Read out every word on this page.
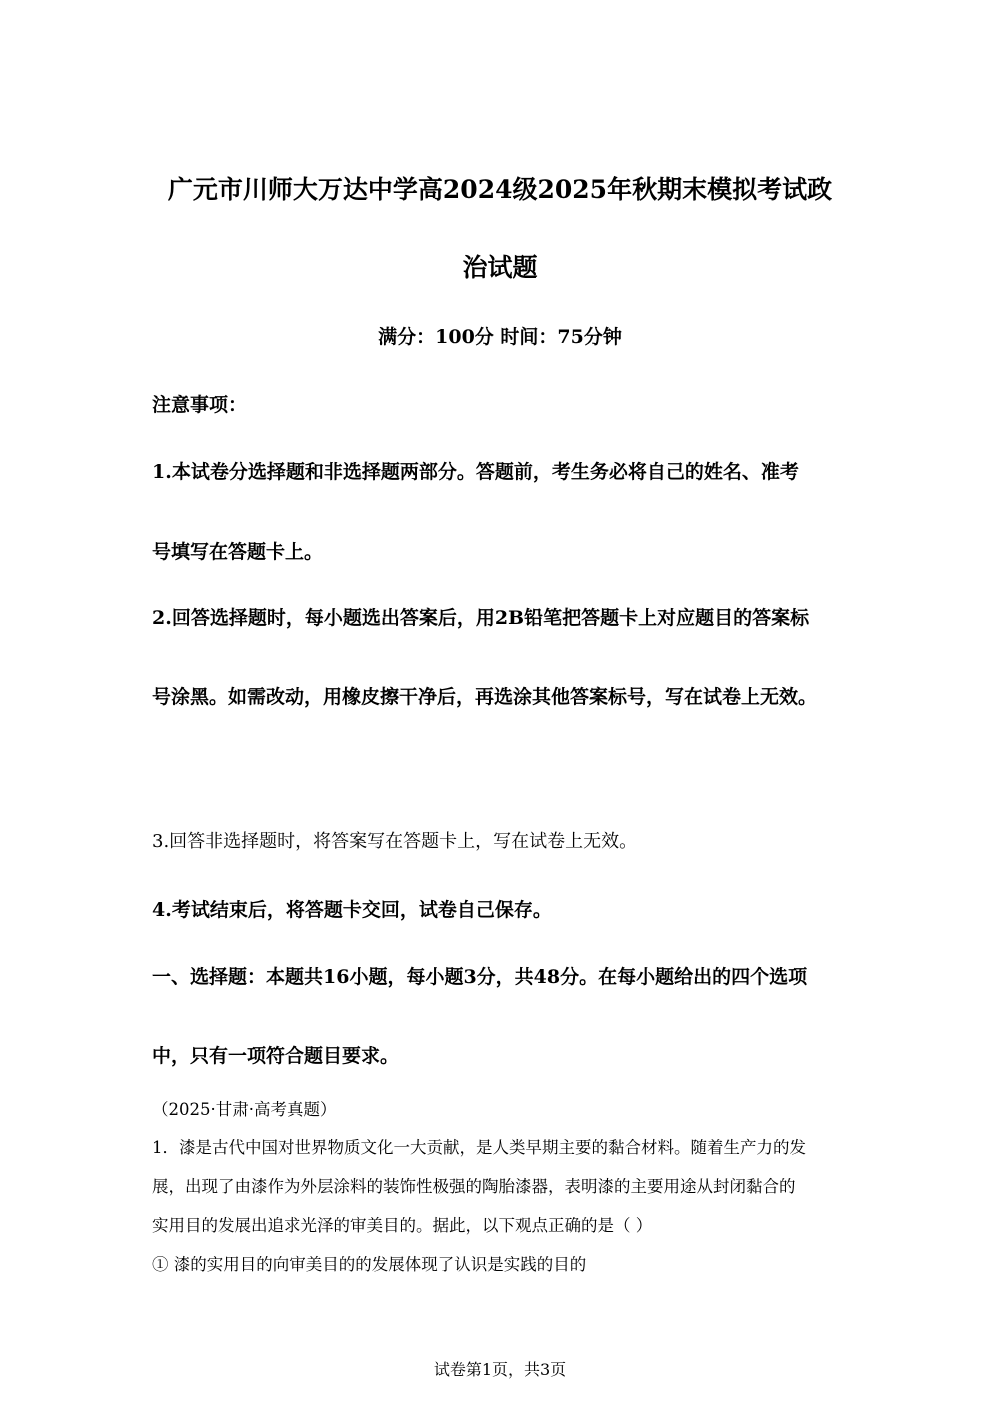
广元市川师大万达中学高2024级2025年秋期末模拟考试政
治试题
满分：100分 时间：75分钟
注意事项：
1.本试卷分选择题和非选择题两部分。答题前，考生务必将自己的姓名、准考
号填写在答题卡上。
2.回答选择题时，每小题选出答案后，用2B铅笔把答题卡上对应题目的答案标
号涂黑。如需改动，用橡皮擦干净后，再选涂其他答案标号，写在试卷上无效。
3.回答非选择题时，将答案写在答题卡上，写在试卷上无效。
4.考试结束后，将答题卡交回，试卷自己保存。
一、选择题：本题共16小题，每小题3分，共48分。在每小题给出的四个选项
中，只有一项符合题目要求。
（2025·甘肃·高考真题）
1．漆是古代中国对世界物质文化一大贡献，是人类早期主要的黏合材料。随着生产力的发
展，出现了由漆作为外层涂料的装饰性极强的陶胎漆器，表明漆的主要用途从封闭黏合的
实用目的发展出追求光泽的审美目的。据此，以下观点正确的是（ ）
① 漆的实用目的向审美目的的发展体现了认识是实践的目的
试卷第1页，共3页
